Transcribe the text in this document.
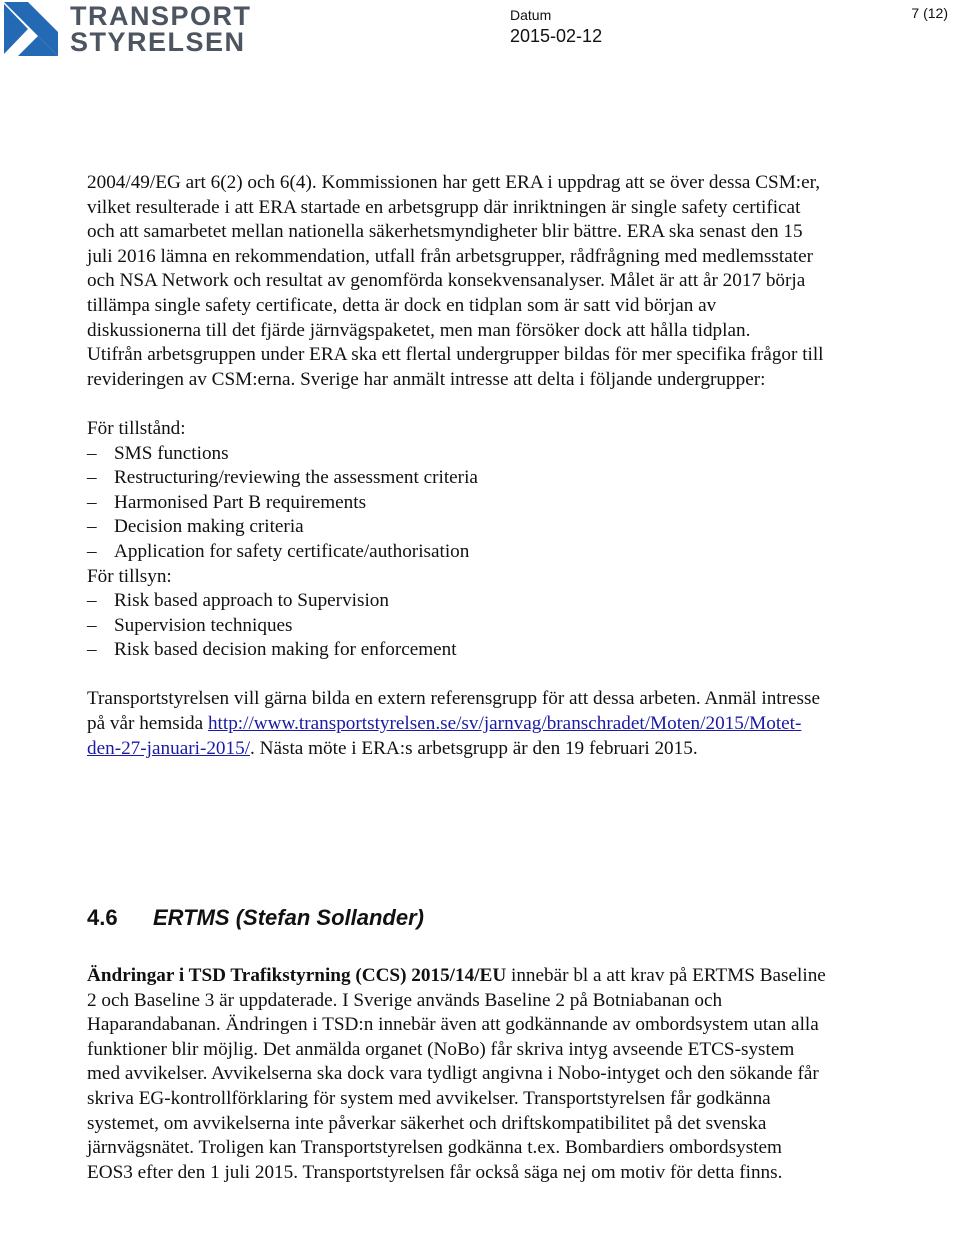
TRANSPORT
STYRELSEN
Datum
2015-02-12
7 (12)

2004/49/EG art 6(2) och 6(4). Kommissionen har gett ERA i uppdrag att se över dessa CSM:er, vilket resulterade i att ERA startade en arbetsgrupp där inriktningen är single safety certificat och att samarbetet mellan nationella säkerhetsmyndigheter blir bättre. ERA ska senast den 15 juli 2016 lämna en rekommendation, utfall från arbetsgrupper, rådfrågning med medlemsstater och NSA Network och resultat av genomförda konsekvensanalyser. Målet är att år 2017 börja tillämpa single safety certificate, detta är dock en tidplan som är satt vid början av diskussionerna till det fjärde järnvägspaketet, men man försöker dock att hålla tidplan.

Utifrån arbetsgruppen under ERA ska ett flertal undergrupper bildas för mer specifika frågor till revideringen av CSM:erna. Sverige har anmält intresse att delta i följande undergrupper:

För tillstånd:

– SMS functions
– Restructuring/reviewing the assessment criteria
– Harmonised Part B requirements
– Decision making criteria
– Application for safety certificate/authorisation

För tillsyn:

– Risk based approach to Supervision
– Supervision techniques
– Risk based decision making for enforcement

Transportstyrelsen vill gärna bilda en extern referensgrupp för att dessa arbeten. Anmäl intresse på vår hemsida http://www.transportstyrelsen.se/sv/jarnvag/branschradet/Moten/2015/Motet-den-27-januari-2015/. Nästa möte i ERA:s arbetsgrupp är den 19 februari 2015.

4.6 ERTMS (Stefan Sollander)

Ändringar i TSD Trafikstyrning (CCS) 2015/14/EU innebär bl a att krav på ERTMS Baseline 2 och Baseline 3 är uppdaterade. I Sverige används Baseline 2 på Botniabanan och Haparandabanan. Ändringen i TSD:n innebär även att godkännande av ombordsystem utan alla funktioner blir möjlig. Det anmälda organet (NoBo) får skriva intyg avseende ETCS-system med avvikelser. Avvikelserna ska dock vara tydligt angivna i Nobo-intyget och den sökande får skriva EG-kontrollförklaring för system med avvikelser. Transportstyrelsen får godkänna systemet, om avvikelserna inte påverkar säkerhet och driftskompatibilitet på det svenska järnvägsnätet. Troligen kan Transportstyrelsen godkänna t.ex. Bombardiers ombordsystem EOS3 efter den 1 juli 2015. Transportstyrelsen får också säga nej om motiv för detta finns.
